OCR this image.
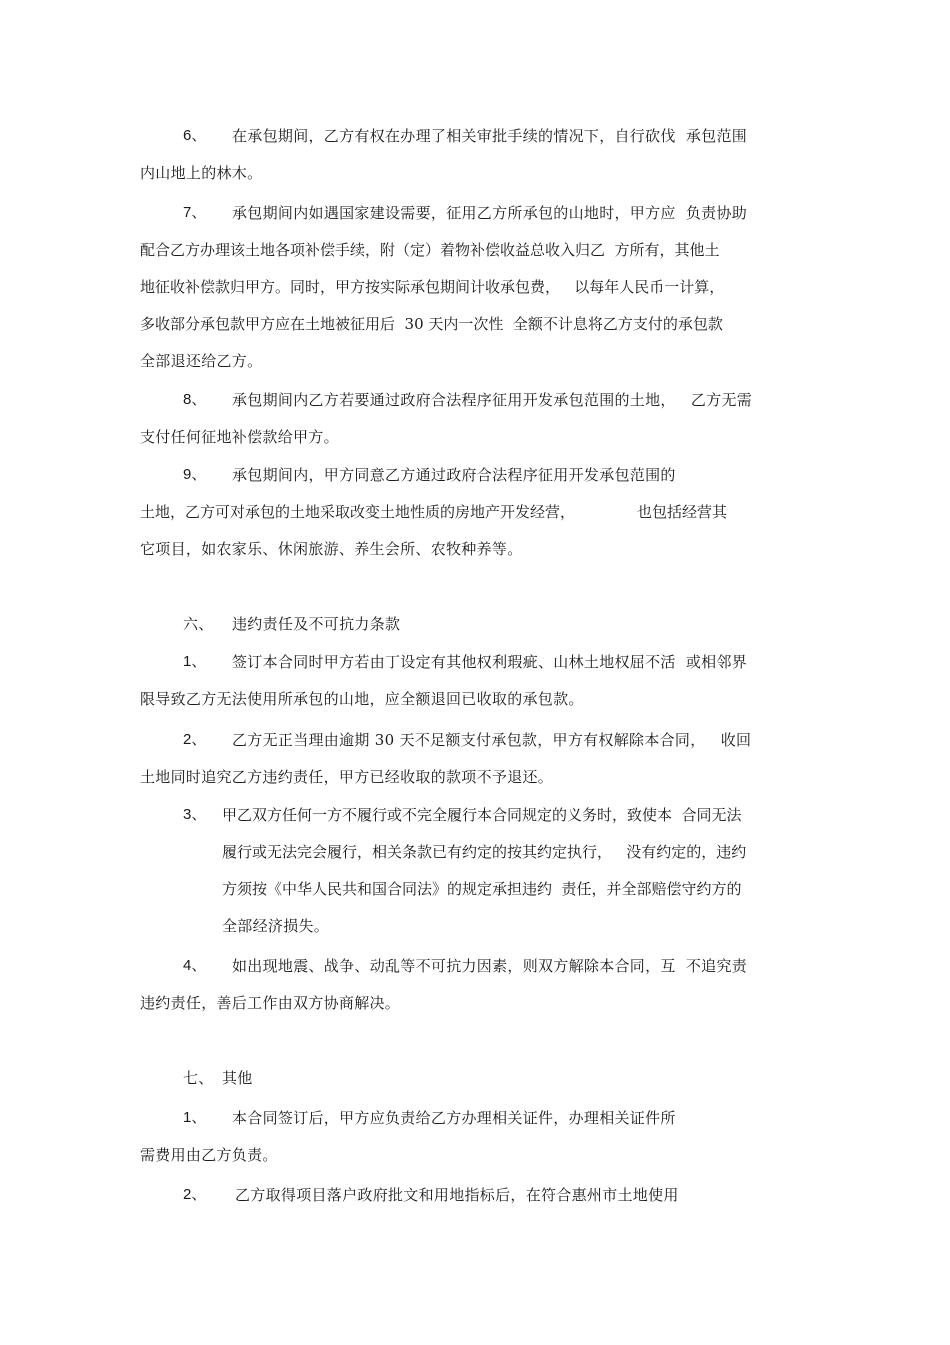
6、 在承包期间，乙方有权在办理了相关审批手续的情况下，自行砍伐  承包范围
内山地上的林木。
7、 承包期间内如遇国家建设需要，征用乙方所承包的山地时，甲方应  负责协助
配合乙方办理该土地各项补偿手续，附（定）着物补偿收益总收入归乙  方所有，其他土
地征收补偿款归甲方。同时，甲方按实际承包期间计收承包费，   以每年人民币一计算，
多收部分承包款甲方应在土地被征用后  30 天内一次性  全额不计息将乙方支付的承包款
全部退还给乙方。
8、 承包期间内乙方若要通过政府合法程序征用开发承包范围的土地，   乙方无需
支付任何征地补偿款给甲方。
9、 承包期间内，甲方同意乙方通过政府合法程序征用开发承包范围的
土地，乙方可对承包的土地采取改变土地性质的房地产开发经营，             也包括经营其
它项目，如农家乐、休闲旅游、养生会所、农牧种养等。
六、 违约责任及不可抗力条款
1、 签订本合同时甲方若由丁设定有其他权利瑕疵、山林土地权屈不活  或相邻界
限导致乙方无法使用所承包的山地，应全额退回已收取的承包款。
2、 乙方无正当理由逾期 30 天不足额支付承包款，甲方有权解除本合同，   收回
土地同时追究乙方违约责任，甲方已经收取的款项不予退还。
3、 甲乙双方任何一方不履行或不完全履行本合同规定的义务时，致使本  合同无法
履行或无法完会履行，相关条款已有约定的按其约定执行，   没有约定的，违约
方须按《中华人民共和国合同法》的规定承担违约  责任，并全部赔偿守约方的
全部经济损失。
4、 如出现地震、战争、动乱等不可抗力因素，则双方解除本合同，互  不追究责
违约责任，善后工作由双方协商解决。
七、 其他
1、 本合同签订后，甲方应负责给乙方办理相关证件，办理相关证件所
需费用由乙方负责。
2、 乙方取得项目落户政府批文和用地指标后，在符合惠州市土地使用
